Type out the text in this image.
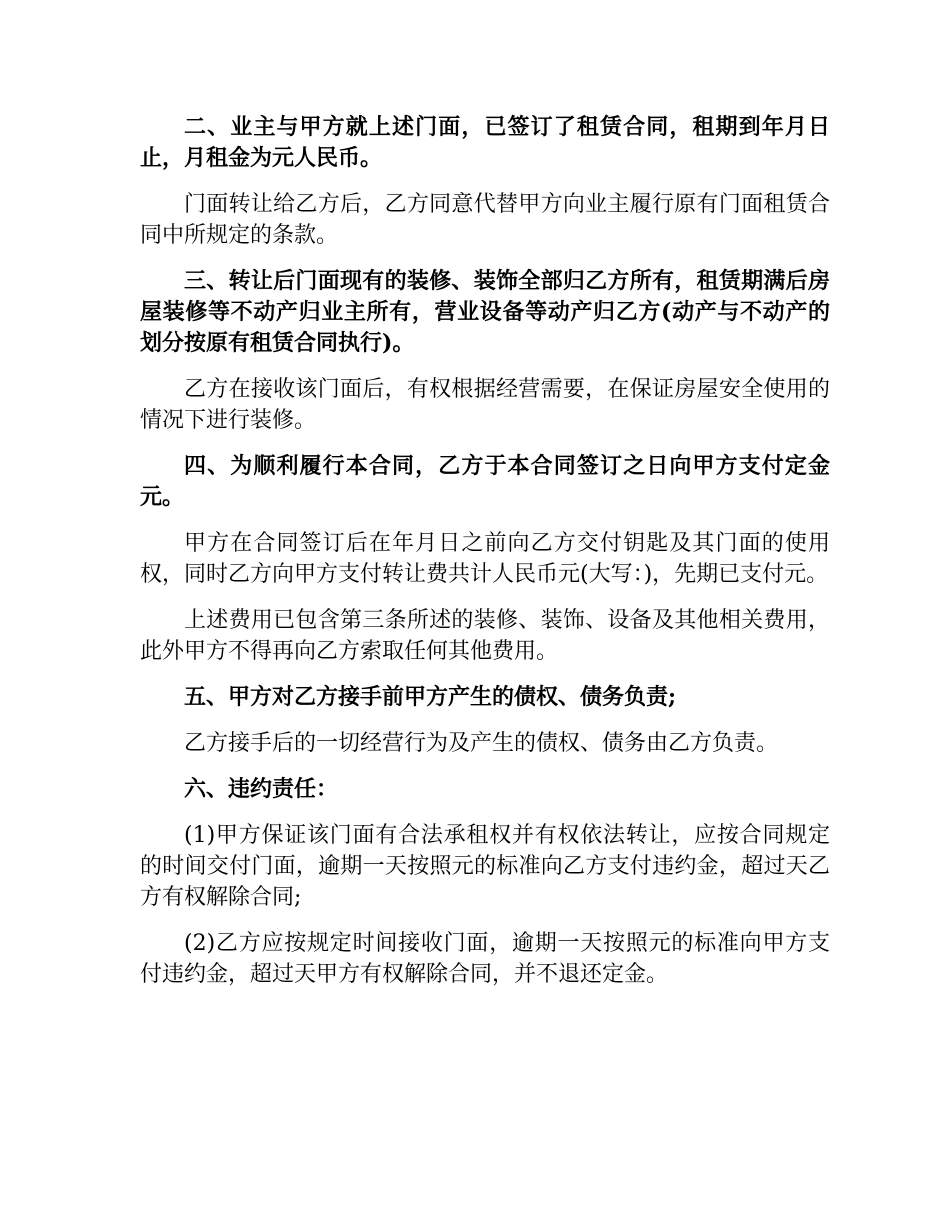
二、业主与甲方就上述门面，已签订了租赁合同，租期到年月日止，月租金为元人民币。

门面转让给乙方后，乙方同意代替甲方向业主履行原有门面租赁合同中所规定的条款。

三、转让后门面现有的装修、装饰全部归乙方所有，租赁期满后房屋装修等不动产归业主所有，营业设备等动产归乙方(动产与不动产的划分按原有租赁合同执行)。

乙方在接收该门面后，有权根据经营需要，在保证房屋安全使用的情况下进行装修。

四、为顺利履行本合同，乙方于本合同签订之日向甲方支付定金元。

甲方在合同签订后在年月日之前向乙方交付钥匙及其门面的使用权，同时乙方向甲方支付转让费共计人民币元(大写：)，先期已支付元。

上述费用已包含第三条所述的装修、装饰、设备及其他相关费用，此外甲方不得再向乙方索取任何其他费用。

五、甲方对乙方接手前甲方产生的债权、债务负责;

乙方接手后的一切经营行为及产生的债权、债务由乙方负责。

六、违约责任：

(1)甲方保证该门面有合法承租权并有权依法转让，应按合同规定的时间交付门面，逾期一天按照元的标准向乙方支付违约金，超过天乙方有权解除合同;

(2)乙方应按规定时间接收门面，逾期一天按照元的标准向甲方支付违约金，超过天甲方有权解除合同，并不退还定金。
